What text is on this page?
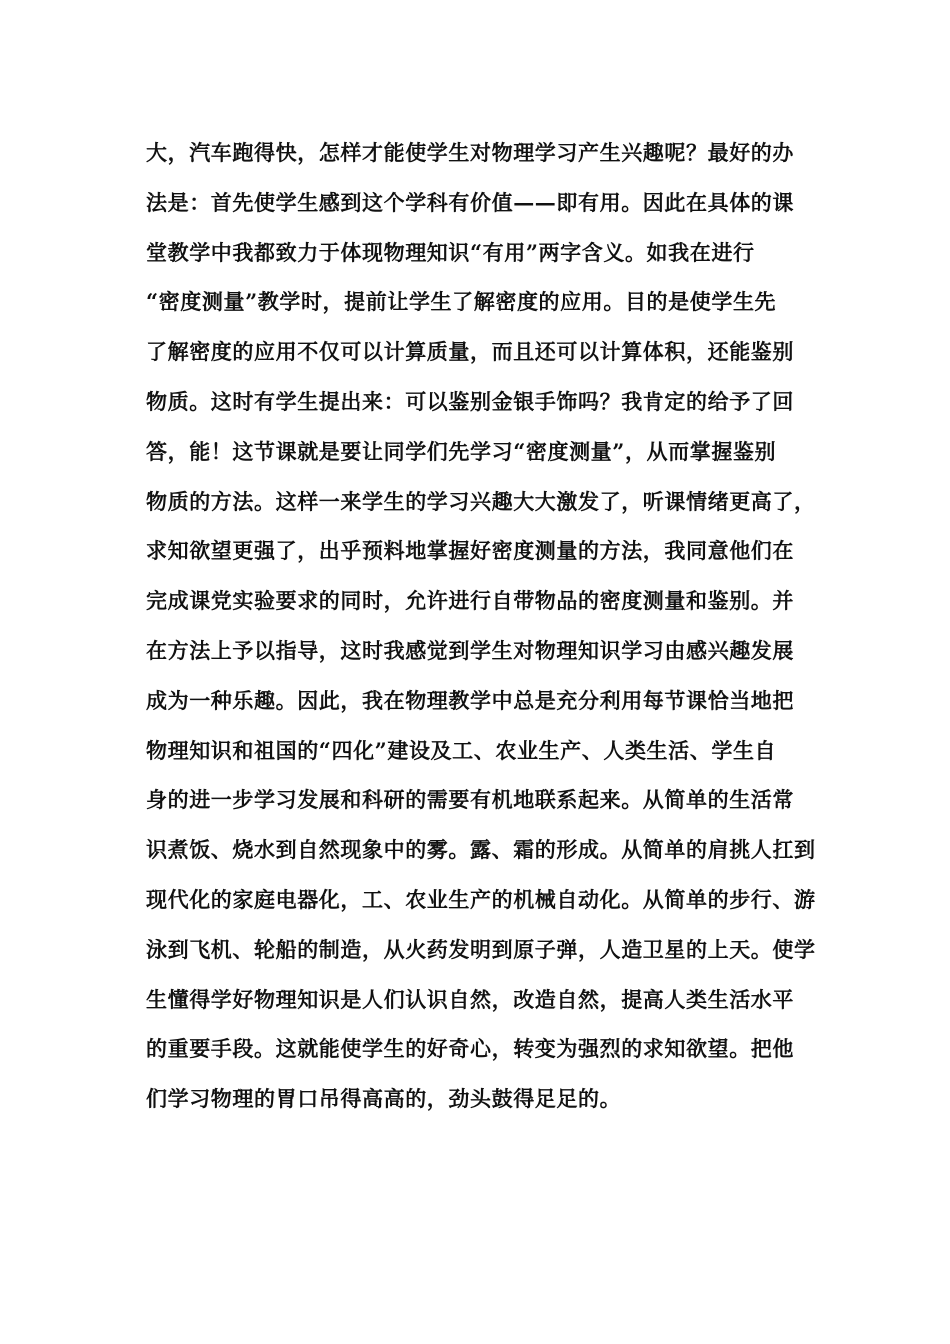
大，汽车跑得快，怎样才能使学生对物理学习产生兴趣呢？最好的办
法是：首先使学生感到这个学科有价值——即有用。因此在具体的课
堂教学中我都致力于体现物理知识“有用”两字含义。如我在进行
“密度测量”教学时，提前让学生了解密度的应用。目的是使学生先
了解密度的应用不仅可以计算质量，而且还可以计算体积，还能鉴别
物质。这时有学生提出来：可以鉴别金银手饰吗？我肯定的给予了回
答，能！这节课就是要让同学们先学习“密度测量”，从而掌握鉴别
物质的方法。这样一来学生的学习兴趣大大激发了，听课情绪更高了，
求知欲望更强了，出乎预料地掌握好密度测量的方法，我同意他们在
完成课党实验要求的同时，允许进行自带物品的密度测量和鉴别。并
在方法上予以指导，这时我感觉到学生对物理知识学习由感兴趣发展
成为一种乐趣。因此，我在物理教学中总是充分利用每节课恰当地把
物理知识和祖国的“四化”建设及工、农业生产、人类生活、学生自
身的进一步学习发展和科研的需要有机地联系起来。从简单的生活常
识煮饭、烧水到自然现象中的雾。露、霜的形成。从简单的肩挑人扛到
现代化的家庭电器化，工、农业生产的机械自动化。从简单的步行、游
泳到飞机、轮船的制造，从火药发明到原子弹，人造卫星的上天。使学
生懂得学好物理知识是人们认识自然，改造自然，提高人类生活水平
的重要手段。这就能使学生的好奇心，转变为强烈的求知欲望。把他
们学习物理的胃口吊得高高的，劲头鼓得足足的。
